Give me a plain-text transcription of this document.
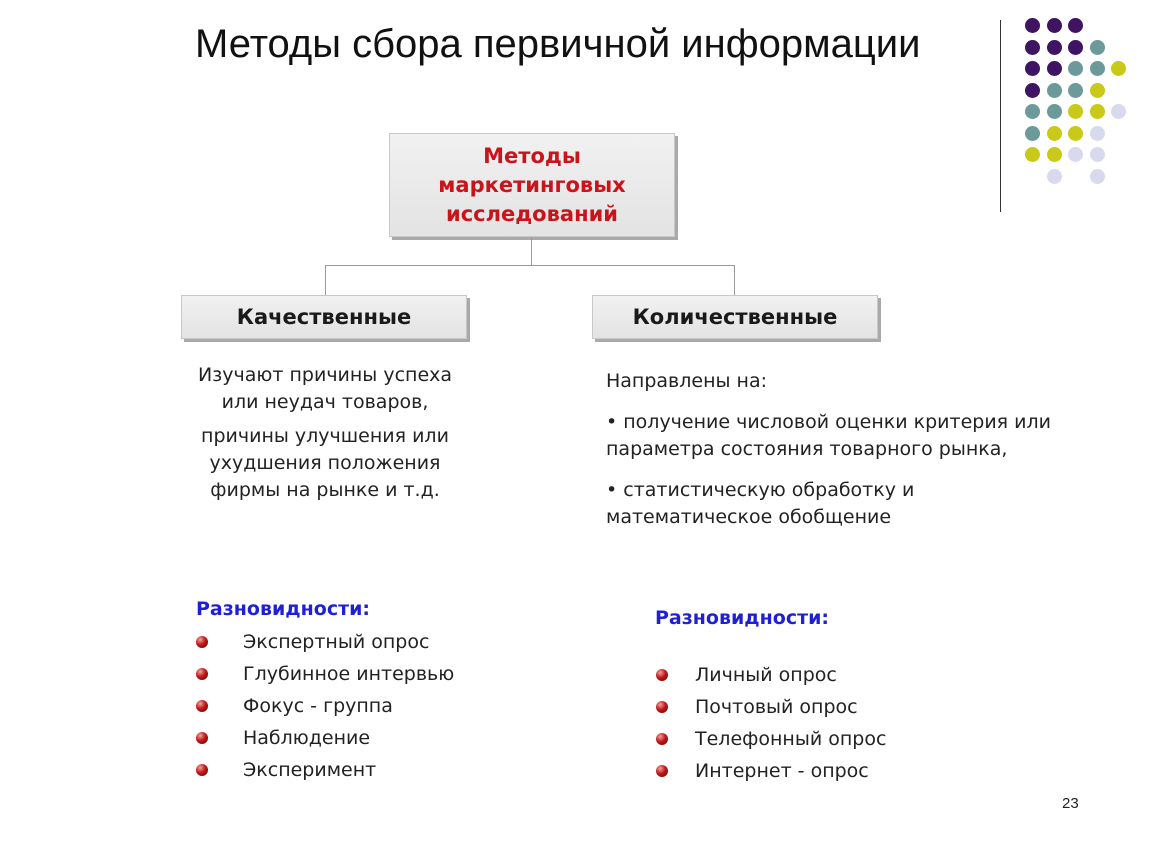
Методы сбора первичной информации
Методы маркетинговых исследований
Качественные	Количественные

Изучают причины успеха или неудач товаров,

причины улучшения или ухудшения положения фирмы на рынке и т.д.

Направлены на:

• получение числовой оценки критерия или параметра состояния товарного рынка,

• статистическую обработку и математическое обобщение

Разновидности:
Экспертный опрос
Глубинное интервью
Фокус - группа
Наблюдение
Эксперимент
Разновидности:
Личный опрос
Почтовый опрос
Телефонный опрос
Интернет - опрос
23
